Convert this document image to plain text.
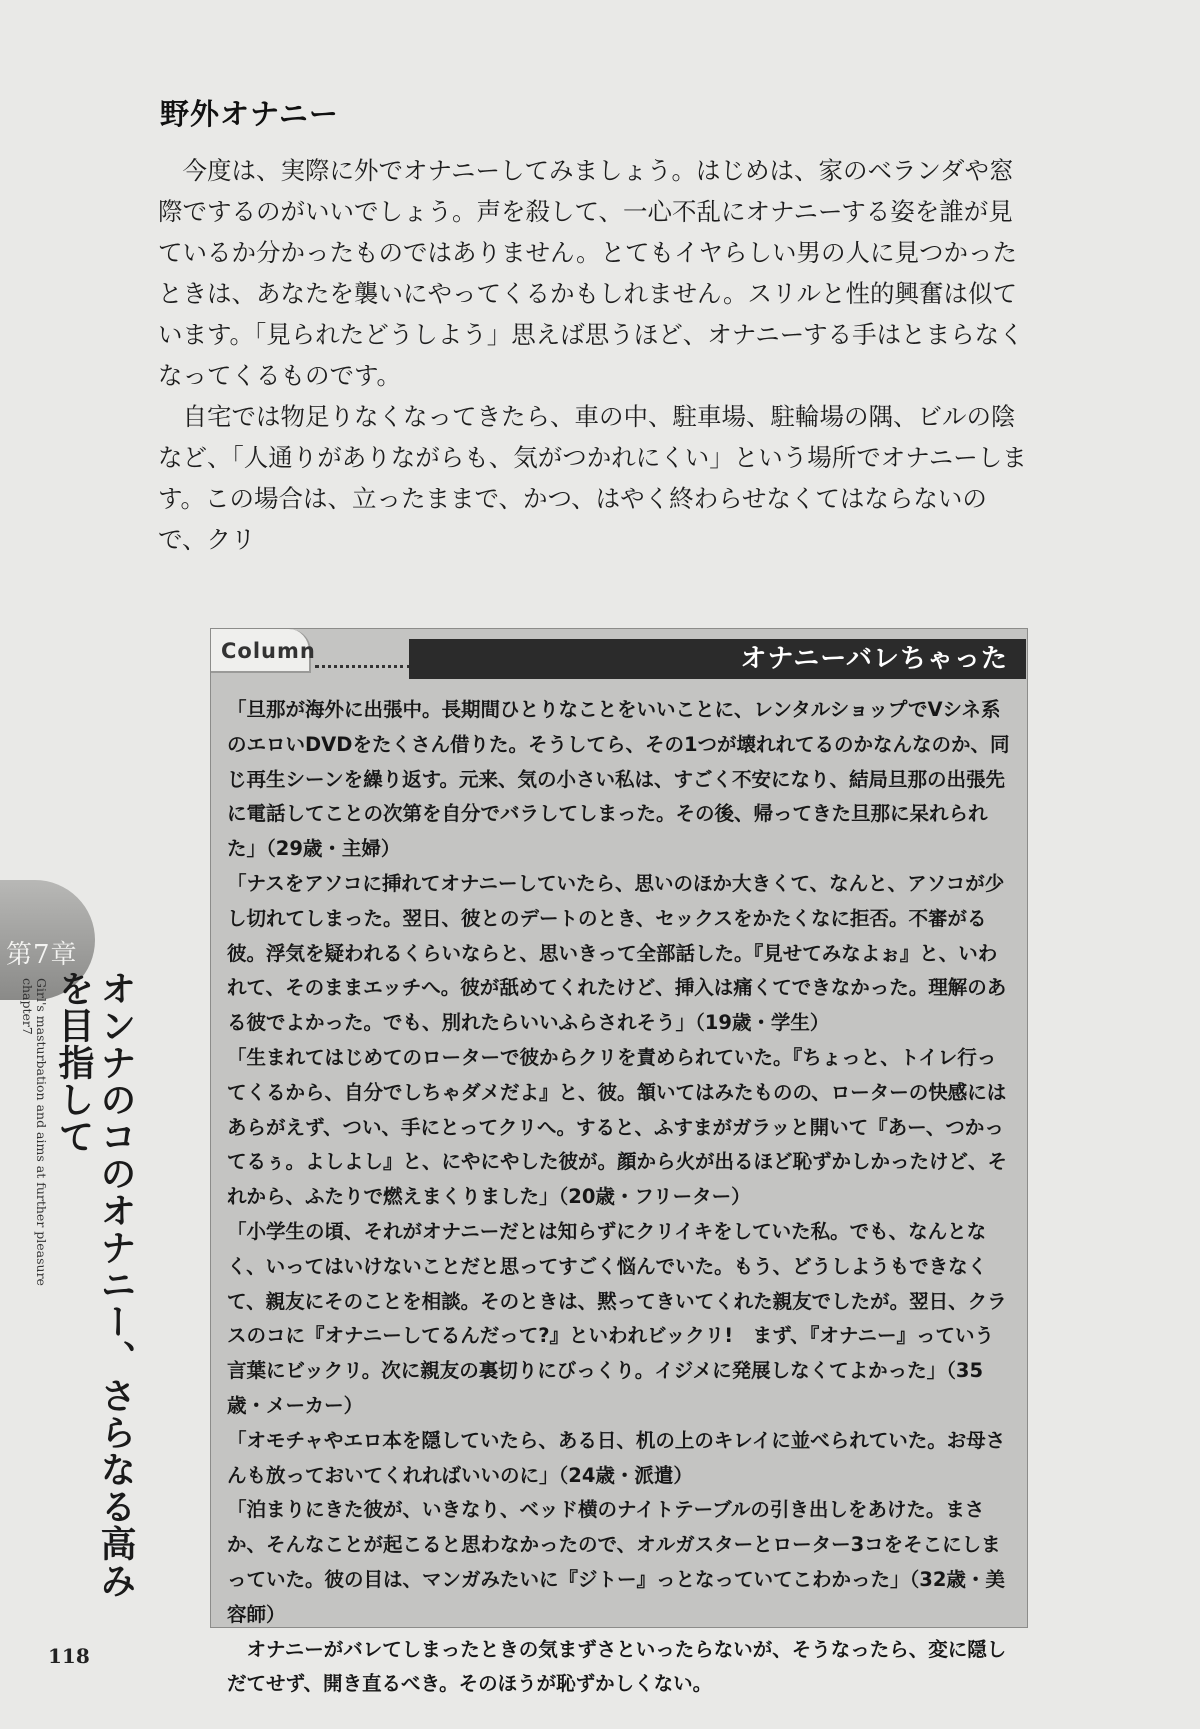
野外オナニー

今度は、実際に外でオナニーしてみましょう。はじめは、家のベランダや窓際でするのがいいでしょう。声を殺して、一心不乱にオナニーする姿を誰が見ているか分かったものではありません。とてもイヤらしい男の人に見つかったときは、あなたを襲いにやってくるかもしれません。スリルと性的興奮は似ています。「見られたどうしよう」思えば思うほど、オナニーする手はとまらなくなってくるものです。

自宅では物足りなくなってきたら、車の中、駐車場、駐輪場の隅、ビルの陰など、「人通りがありながらも、気がつかれにくい」という場所でオナニーします。この場合は、立ったままで、かつ、はやく終わらせなくてはならないので、クリ

Column	オナニーバレちゃった

「旦那が海外に出張中。長期間ひとりなことをいいことに、レンタルショップでVシネ系のエロいDVDをたくさん借りた。そうしてら、その1つが壊れれてるのかなんなのか、同じ再生シーンを繰り返す。元来、気の小さい私は、すごく不安になり、結局旦那の出張先に電話してことの次第を自分でバラしてしまった。その後、帰ってきた旦那に呆れられた」（29歳・主婦）

「ナスをアソコに挿れてオナニーしていたら、思いのほか大きくて、なんと、アソコが少し切れてしまった。翌日、彼とのデートのとき、セックスをかたくなに拒否。不審がる彼。浮気を疑われるくらいならと、思いきって全部話した。『見せてみなよぉ』と、いわれて、そのままエッチへ。彼が舐めてくれたけど、挿入は痛くてできなかった。理解のある彼でよかった。でも、別れたらいいふらされそう」（19歳・学生）

「生まれてはじめてのローターで彼からクリを責められていた。『ちょっと、トイレ行ってくるから、自分でしちゃダメだよ』と、彼。頷いてはみたものの、ローターの快感にはあらがえず、つい、手にとってクリへ。すると、ふすまがガラッと開いて『あー、つかってるぅ。よしよし』と、にやにやした彼が。顔から火が出るほど恥ずかしかったけど、それから、ふたりで燃えまくりました」（20歳・フリーター）

「小学生の頃、それがオナニーだとは知らずにクリイキをしていた私。でも、なんとなく、いってはいけないことだと思ってすごく悩んでいた。もう、どうしようもできなくて、親友にそのことを相談。そのときは、黙ってきいてくれた親友でしたが。翌日、クラスのコに『オナニーしてるんだって?』といわれビックリ!　まず、『オナニー』っていう言葉にビックリ。次に親友の裏切りにびっくり。イジメに発展しなくてよかった」（35歳・メーカー）

「オモチャやエロ本を隠していたら、ある日、机の上のキレイに並べられていた。お母さんも放っておいてくれればいいのに」（24歳・派遣）

「泊まりにきた彼が、いきなり、ベッド横のナイトテーブルの引き出しをあけた。まさか、そんなことが起こると思わなかったので、オルガスターとローター3コをそこにしまっていた。彼の目は、マンガみたいに『ジトー』っとなっていてこわかった」（32歳・美容師）

オナニーがバレてしまったときの気まずさといったらないが、そうなったら、変に隠しだてせず、開き直るべき。そのほうが恥ずかしくない。

第7章
chapter7 Girl's masturbation and aims at further pleasure	オンナのコのオナニー、さらなる高みを目指して
118
